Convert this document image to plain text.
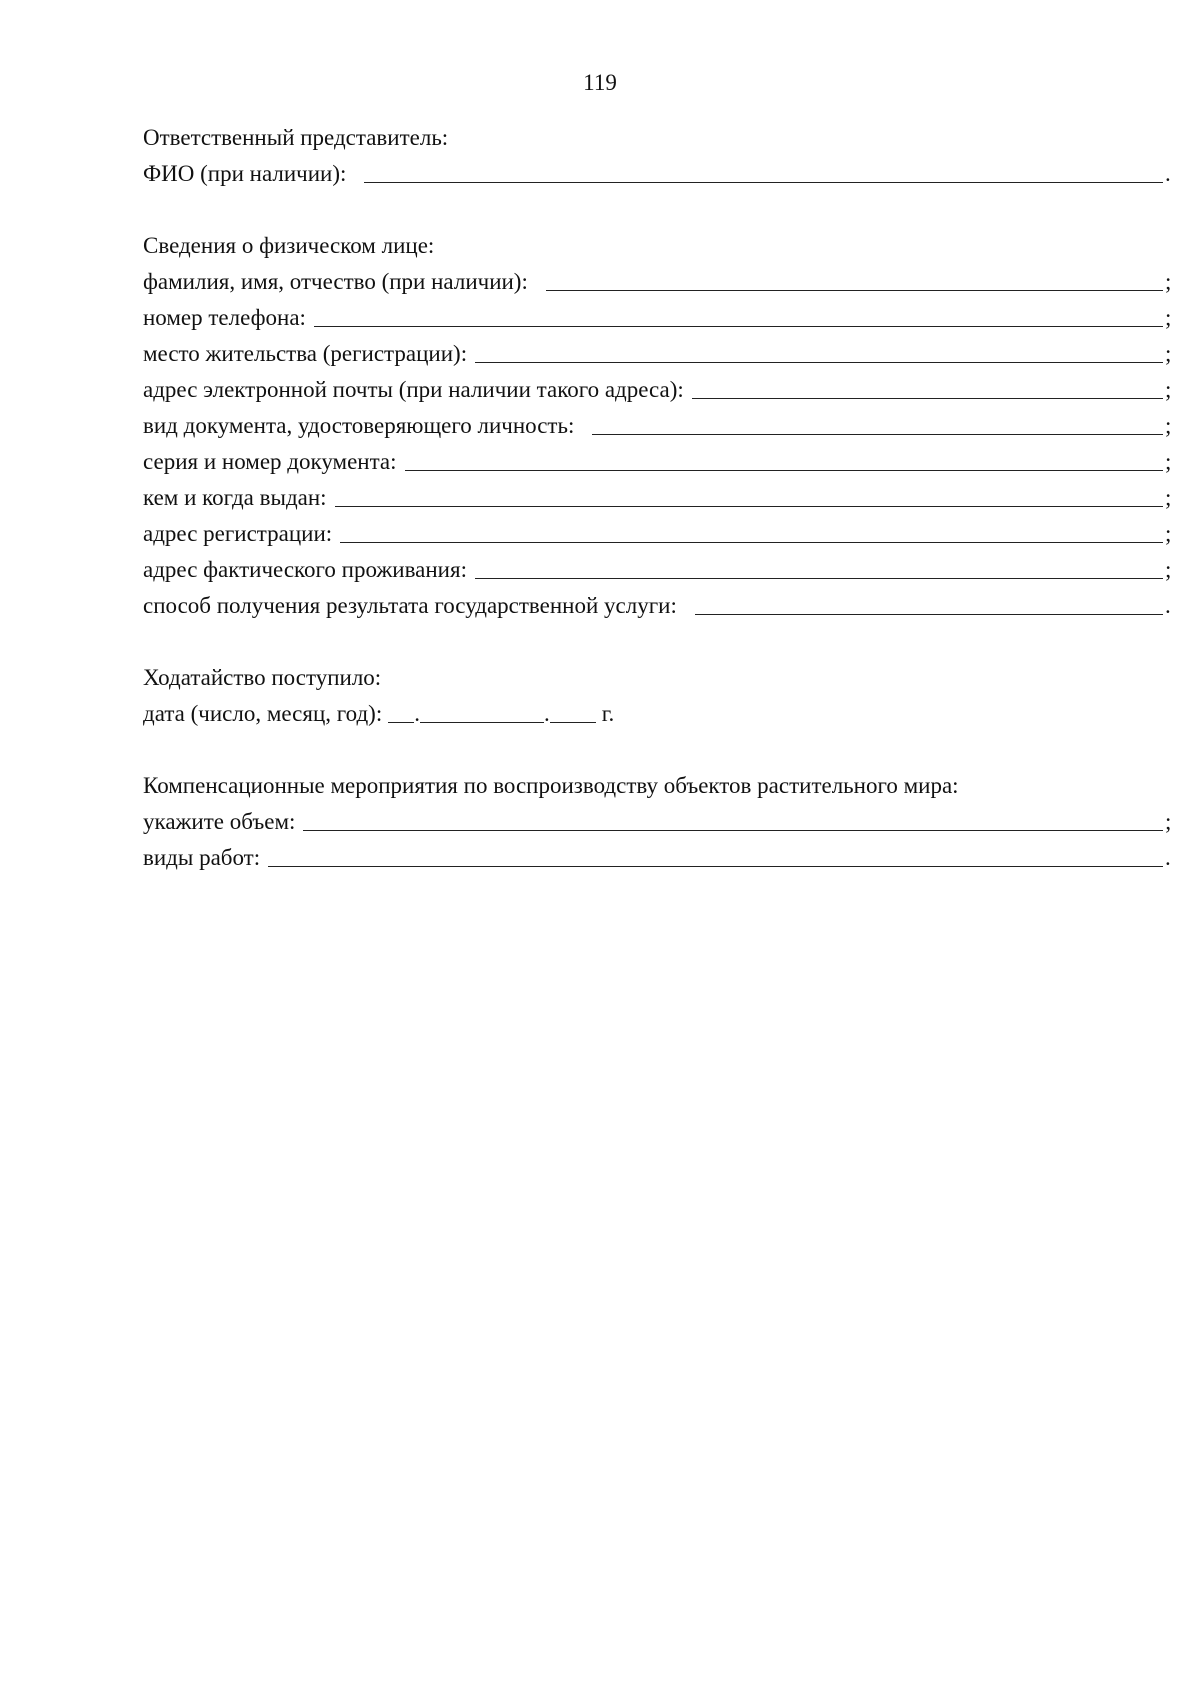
119
Ответственный представитель:
ФИО (при наличии):	.
Сведения о физическом лице:
фамилия, имя, отчество (при наличии):	;
номер телефона:	;
место жительства (регистрации):	;
адрес электронной почты (при наличии такого адреса):	;
вид документа, удостоверяющего личность:	;
серия и номер документа:	;
кем и когда выдан:	;
адрес регистрации:	;
адрес фактического проживания:	;
способ получения результата государственной услуги:	.
Ходатайство поступило:
дата (число, месяц, год): .	. г.
Компенсационные мероприятия по воспроизводству объектов растительного мира:
укажите объем:	;
виды работ:	.
